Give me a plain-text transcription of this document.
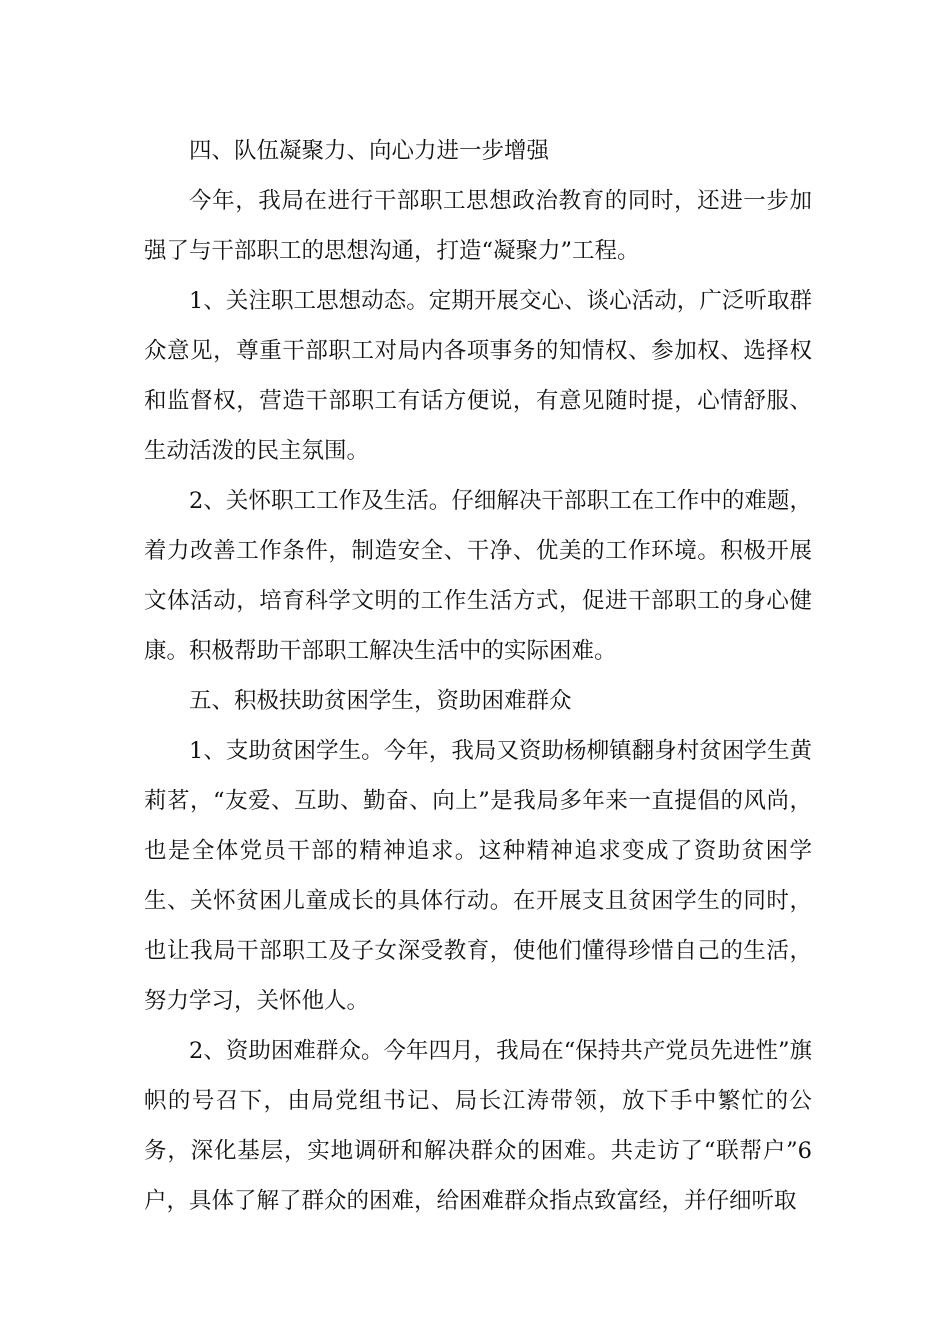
四、队伍凝聚力、向心力进一步增强

今年，我局在进行干部职工思想政治教育的同时，还进一步加强了与干部职工的思想沟通，打造“凝聚力”工程。

1、关注职工思想动态。定期开展交心、谈心活动，广泛听取群众意见，尊重干部职工对局内各项事务的知情权、参加权、选择权和监督权，营造干部职工有话方便说，有意见随时提，心情舒服、生动活泼的民主氛围。

2、关怀职工工作及生活。仔细解决干部职工在工作中的难题，着力改善工作条件，制造安全、干净、优美的工作环境。积极开展文体活动，培育科学文明的工作生活方式，促进干部职工的身心健康。积极帮助干部职工解决生活中的实际困难。

五、积极扶助贫困学生，资助困难群众

1、支助贫困学生。今年，我局又资助杨柳镇翻身村贫困学生黄莉茗，“友爱、互助、勤奋、向上”是我局多年来一直提倡的风尚，也是全体党员干部的精神追求。这种精神追求变成了资助贫困学生、关怀贫困儿童成长的具体行动。在开展支且贫困学生的同时，也让我局干部职工及子女深受教育，使他们懂得珍惜自己的生活，努力学习，关怀他人。

2、资助困难群众。今年四月，我局在“保持共产党员先进性”旗帜的号召下，由局党组书记、局长江涛带领，放下手中繁忙的公务，深化基层，实地调研和解决群众的困难。共走访了“联帮户”6户，具体了解了群众的困难，给困难群众指点致富经，并仔细听取
